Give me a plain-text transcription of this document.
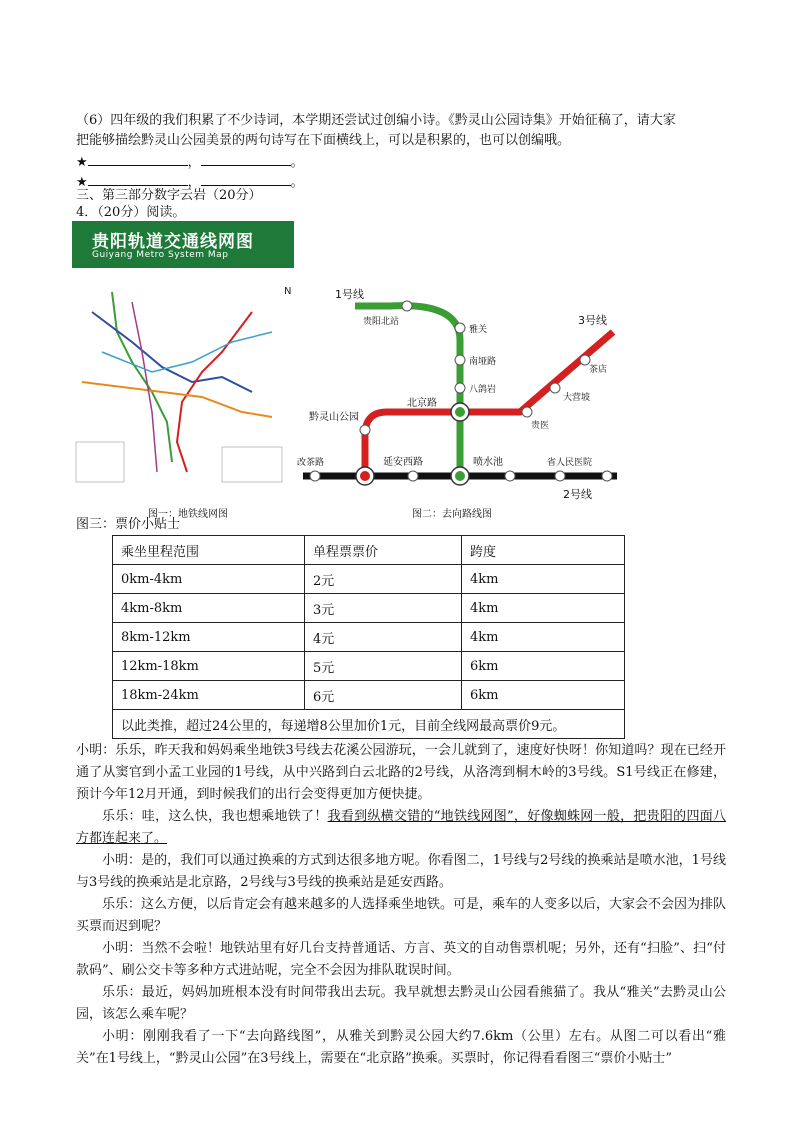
（6）四年级的我们积累了不少诗词，本学期还尝试过创编小诗。《黔灵山公园诗集》开始征稿了，请大家
把能够描绘黔灵山公园美景的两句诗写在下面横线上，可以是积累的，也可以创编哦。
★	，	。
★	，	。
三、第三部分数字云岩（20分）
4．（20分）阅读。
贵阳轨道交通线网图
Guiyang Metro System Map
N	1号线
3号线
2号线
贵阳北站
雅关
南垭路
八鸽岩
北京路
黔灵山公园
延安西路	喷水池	省人民医院
改茶路
茶店
大营坡
贵医
图一：地铁线网图	图二：去向路线图
图三：票价小贴士
乘坐里程范围	单程票票价	跨度
0km-4km	2元	4km
4km-8km	3元	4km
8km-12km	4元	4km
12km-18km	5元	6km
18km-24km	6元	6km
以此类推，超过24公里的，每递增8公里加价1元，目前全线网最高票价9元。		
小明：乐乐，昨天我和妈妈乘坐地铁3号线去花溪公园游玩，一会儿就到了，速度好快呀！你知道吗？现在已经开通了从窦官到小孟工业园的1号线，从中兴路到白云北路的2号线，从洛湾到桐木岭的3号线。S1号线正在修建，预计今年12月开通，到时候我们的出行会变得更加方便快捷。
乐乐：哇，这么快，我也想乘地铁了！我看到纵横交错的“地铁线网图”，好像蜘蛛网一般，把贵阳的四面八方都连起来了。
小明：是的，我们可以通过换乘的方式到达很多地方呢。你看图二，1号线与2号线的换乘站是喷水池，1号线与3号线的换乘站是北京路，2号线与3号线的换乘站是延安西路。
乐乐：这么方便，以后肯定会有越来越多的人选择乘坐地铁。可是，乘车的人变多以后，大家会不会因为排队买票而迟到呢？
小明：当然不会啦！地铁站里有好几台支持普通话、方言、英文的自动售票机呢；另外，还有“扫脸”、扫“付款码”、刷公交卡等多种方式进站呢，完全不会因为排队耽误时间。
乐乐：最近，妈妈加班根本没有时间带我出去玩。我早就想去黔灵山公园看熊猫了。我从“雅关”去黔灵山公园，该怎么乘车呢？
小明：刚刚我看了一下“去向路线图”，从雅关到黔灵公园大约7.6km（公里）左右。从图二可以看出“雅关”在1号线上，“黔灵山公园”在3号线上，需要在“北京路”换乘。买票时，你记得看看图三“票价小贴士”
